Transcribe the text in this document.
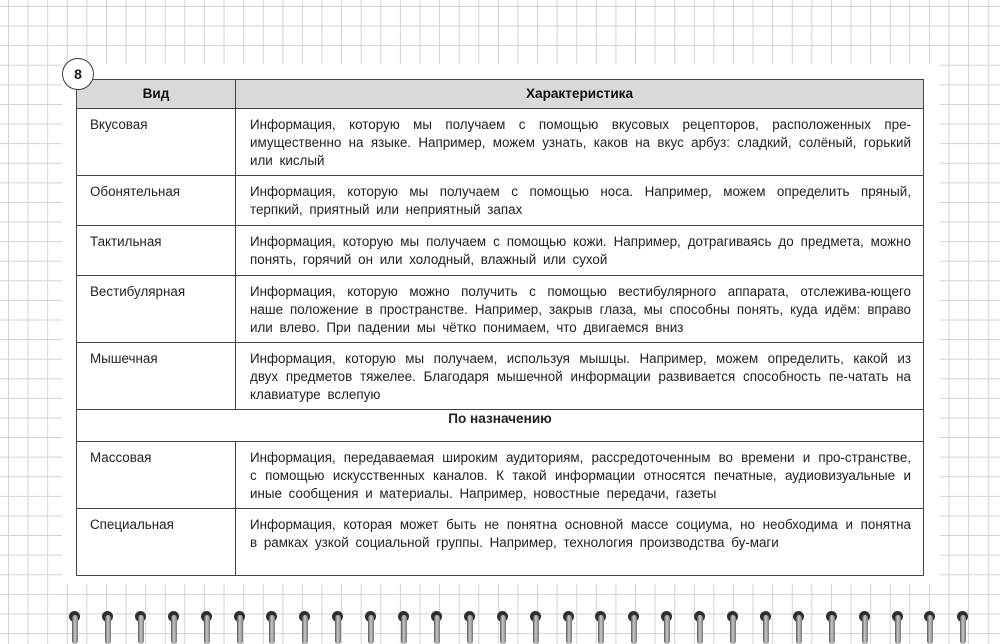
8
Вид	Характеристика
Вкусовая	Информация, которую мы получаем с помощью вкусовых рецепторов, расположенных пре-имущественно на языке. Например, можем узнать, каков на вкус арбуз: сладкий, солёный, горький или кислый
Обонятельная	Информация, которую мы получаем с помощью носа. Например, можем определить пряный, терпкий, приятный или неприятный запах
Тактильная	Информация, которую мы получаем с помощью кожи. Например, дотрагиваясь до предмета, можно понять, горячий он или холодный, влажный или сухой
Вестибулярная	Информация, которую можно получить с помощью вестибулярного аппарата, отслежива-ющего наше положение в пространстве. Например, закрыв глаза, мы способны понять, куда идём: вправо или влево. При падении мы чётко понимаем, что двигаемся вниз
Мышечная	Информация, которую мы получаем, используя мышцы. Например, можем определить, какой из двух предметов тяжелее. Благодаря мышечной информации развивается способность пе-чатать на клавиатуре вслепую
По назначению	
Массовая	Информация, передаваемая широким аудиториям, рассредоточенным во времени и про-странстве, с помощью искусственных каналов. К такой информации относятся печатные, аудиовизуальные и иные сообщения и материалы. Например, новостные передачи, газеты
Специальная	Информация, которая может быть не понятна основной массе социума, но необходима и понятна в рамках узкой социальной группы. Например, технология производства бу-маги
